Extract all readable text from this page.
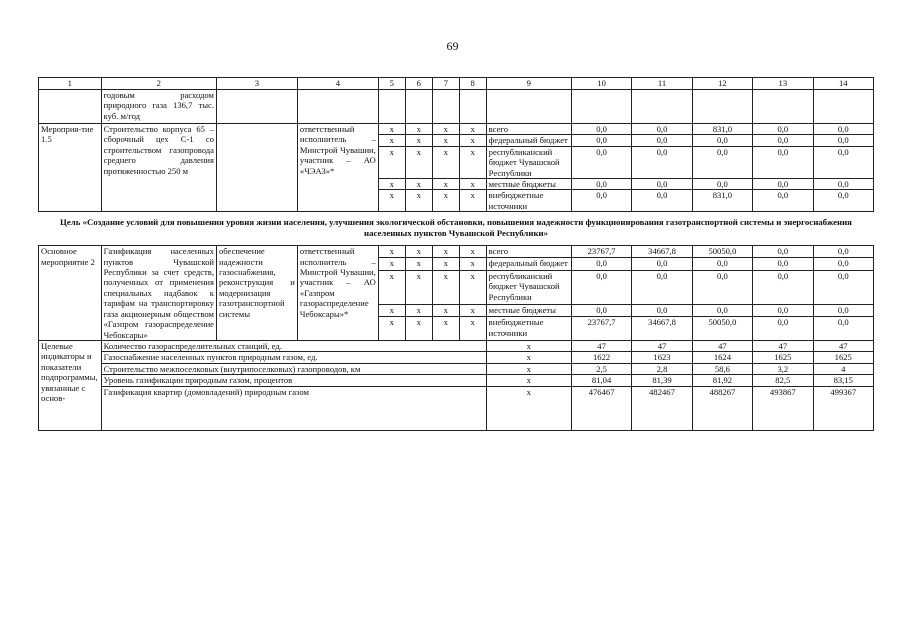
69
1	2	3	4	5	6	7	8	9	10	11	12	13	14
	годовым расходом природного газа 136,7 тыс. куб. м/год												
Мероприя-тие 1.5	Строительство корпуса 65 – сборочный цех С-1 со строительством газопровода среднего давления протяженностью 250 м		ответственный исполнитель – Минстрой Чувашии, участник – АО «ЧЭАЗ»*	x	x	x	x	всего	0,0	0,0	831,0	0,0	0,0
				x	x	x	x	федеральный бюджет	0,0	0,0	0,0	0,0	0,0
				x	x	x	x	республиканский бюджет Чувашской Республики	0,0	0,0	0,0	0,0	0,0
				x	x	x	x	местные бюджеты	0,0	0,0	0,0	0,0	0,0
				x	x	x	x	внебюджетные источники	0,0	0,0	831,0	0,0	0,0
Цель «Создание условий для повышения уровня жизни населения, улучшения экологической обстановки, повышения надежности функционирования газотранспортной системы и энергоснабжения населенных пунктов Чувашской Республики»													
Основное мероприятие 2	Газификация населенных пунктов Чувашской Республики за счет средств, полученных от применения специальных надбавок к тарифам на транспортировку газа акционерным обществом «Газпром газораспределение Чебоксары»	обеспечение надежности газоснабжения, реконструкция и модернизация газотранспортной системы	ответственный исполнитель – Минстрой Чувашии, участник – АО «Газпром газораспределение Чебоксары»*	x	x	x	x	всего	23767,7	34667,8	50050,0	0,0	0,0
				x	x	x	x	федеральный бюджет	0,0	0,0	0,0	0,0	0,0
				x	x	x	x	республиканский бюджет Чувашской Республики	0,0	0,0	0,0	0,0	0,0
				x	x	x	x	местные бюджеты	0,0	0,0	0,0	0,0	0,0
				x	x	x	x	внебюджетные источники	23767,7	34667,8	50050,0	0,0	0,0
Целевые индикаторы и показатели подпрограммы, увязанные с основ-	Количество газораспределительных станций, ед.							x	47	47	47	47	47
	Газоснабжение населенных пунктов природным газом, ед.							x	1622	1623	1624	1625	1625
	Строительство межпоселковых (внутрипоселковых) газопроводов, км							x	2,5	2,8	58,6	3,2	4
	Уровень газификации природным газом, процентов							x	81,04	81,39	81,92	82,5	83,15
	Газификация квартир (домовладений) природным газом							x	476467	482467	488267	493867	499367
